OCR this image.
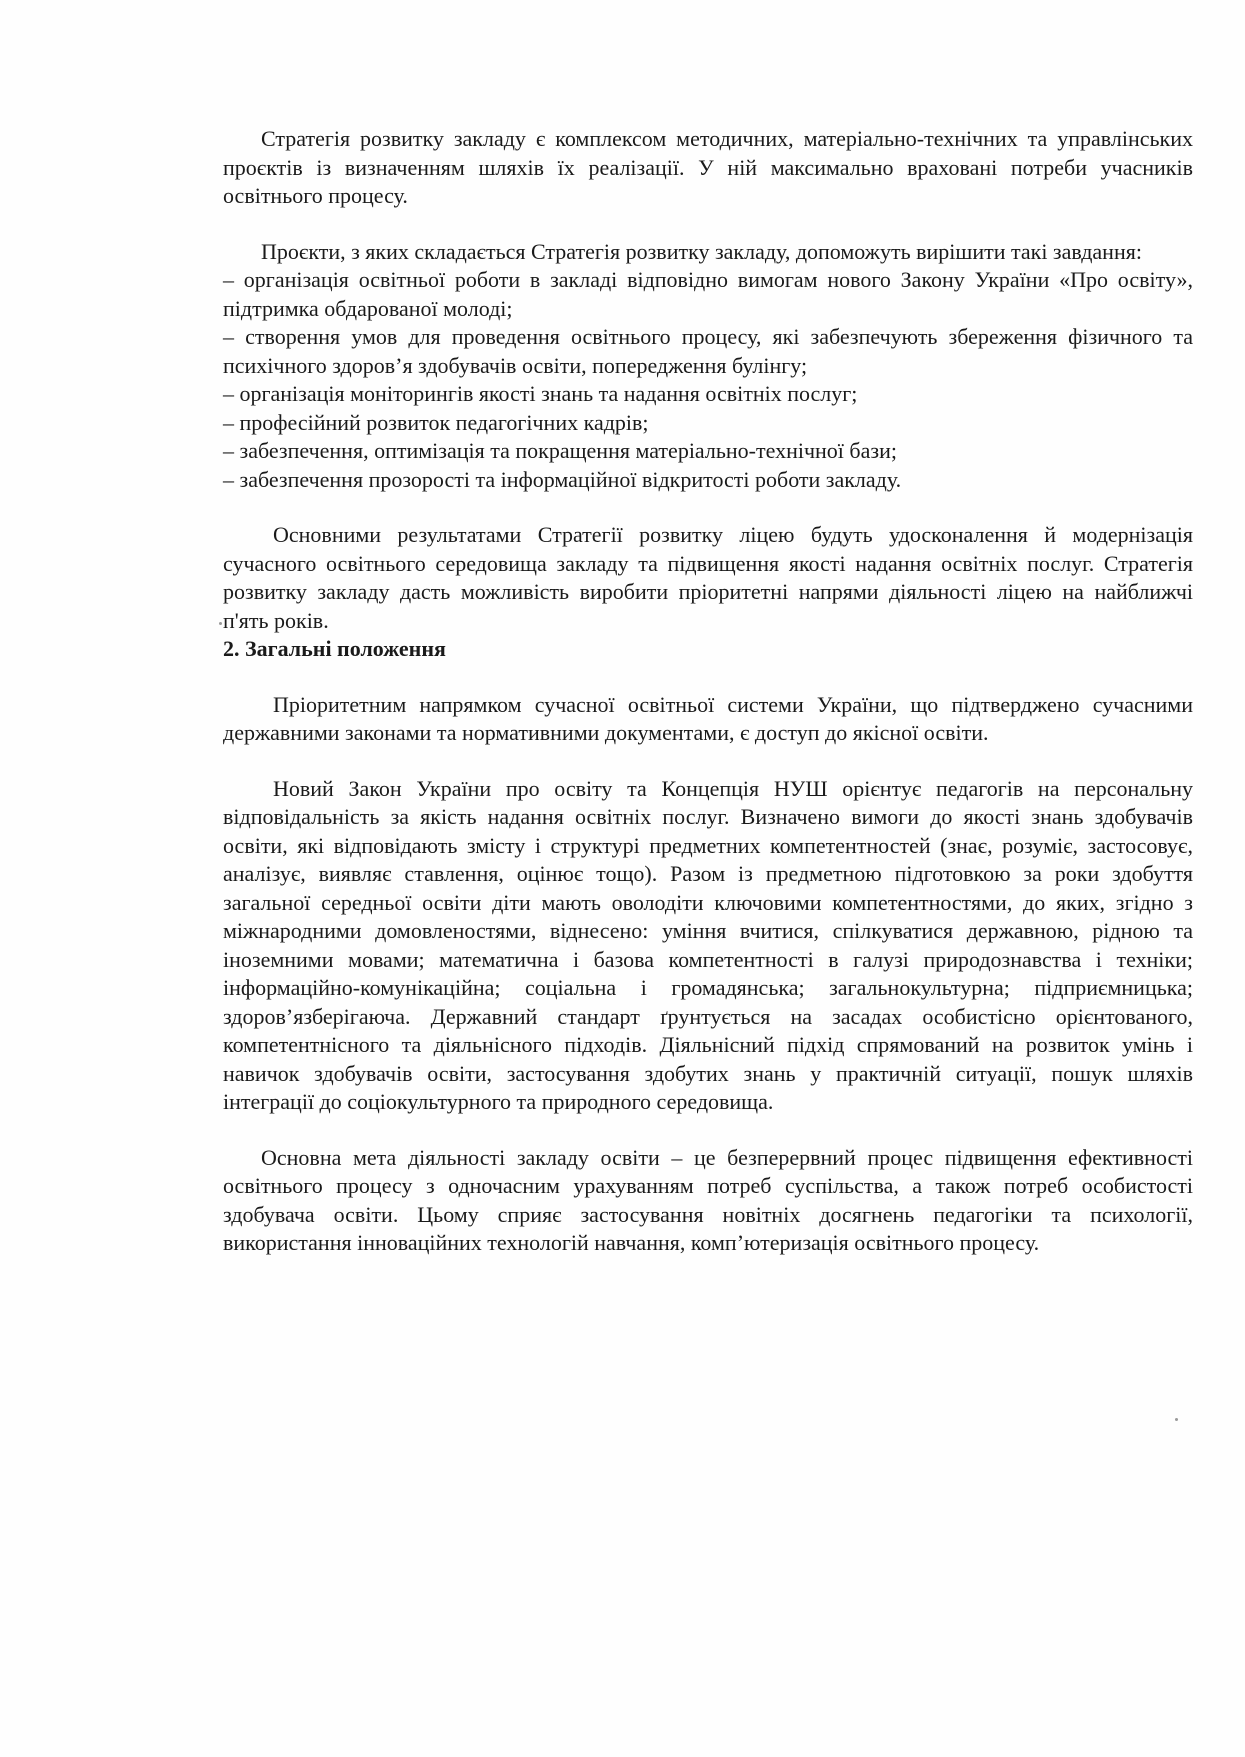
Стратегія розвитку закладу є комплексом методичних, матеріально-технічних та управлінських проєктів із визначенням шляхів їх реалізації. У ній максимально враховані потреби учасників освітнього процесу.

Проєкти, з яких складається Стратегія розвитку закладу, допоможуть вирішити такі завдання:

– організація освітньої роботи в закладі відповідно вимогам нового Закону України «Про освіту», підтримка обдарованої молоді;

– створення умов для проведення освітнього процесу, які забезпечують збереження фізичного та психічного здоров’я здобувачів освіти, попередження булінгу;

– організація моніторингів якості знань та надання освітніх послуг;

– професійний розвиток педагогічних кадрів;

– забезпечення, оптимізація та покращення матеріально-технічної бази;

– забезпечення прозорості та інформаційної відкритості роботи закладу.

Основними результатами Стратегії розвитку ліцею будуть удосконалення й модернізація сучасного освітнього середовища закладу та підвищення якості надання освітніх послуг. Стратегія розвитку закладу дасть можливість виробити пріоритетні напрями діяльності ліцею на найближчі п'ять років.

2. Загальні положення

Пріоритетним напрямком сучасної освітньої системи України, що підтверджено сучасними державними законами та нормативними документами, є доступ до якісної освіти.

Новий Закон України про освіту та Концепція НУШ орієнтує педагогів на персональну відповідальність за якість надання освітніх послуг. Визначено вимоги до якості знань здобувачів освіти, які відповідають змісту і структурі предметних компетентностей (знає, розуміє, застосовує, аналізує, виявляє ставлення, оцінює тощо). Разом із предметною підготовкою за роки здобуття загальної середньої освіти діти мають оволодіти ключовими компетентностями, до яких, згідно з міжнародними домовленостями, віднесено: уміння вчитися, спілкуватися державною, рідною та іноземними мовами; математична і базова компетентності в галузі природознавства і техніки; інформаційно-комунікаційна; соціальна і громадянська; загальнокультурна; підприємницька; здоров’язберігаюча. Державний стандарт ґрунтується на засадах особистісно орієнтованого, компетентнісного та діяльнісного підходів. Діяльнісний підхід спрямований на розвиток умінь і навичок здобувачів освіти, застосування здобутих знань у практичній ситуації, пошук шляхів інтеграції до соціокультурного та природного середовища.

Основна мета діяльності закладу освіти – це безперервний процес підвищення ефективності освітнього процесу з одночасним урахуванням потреб суспільства, а також потреб особистості здобувача освіти. Цьому сприяє застосування новітніх досягнень педагогіки та психології, використання інноваційних технологій навчання, комп’ютеризація освітнього процесу.
